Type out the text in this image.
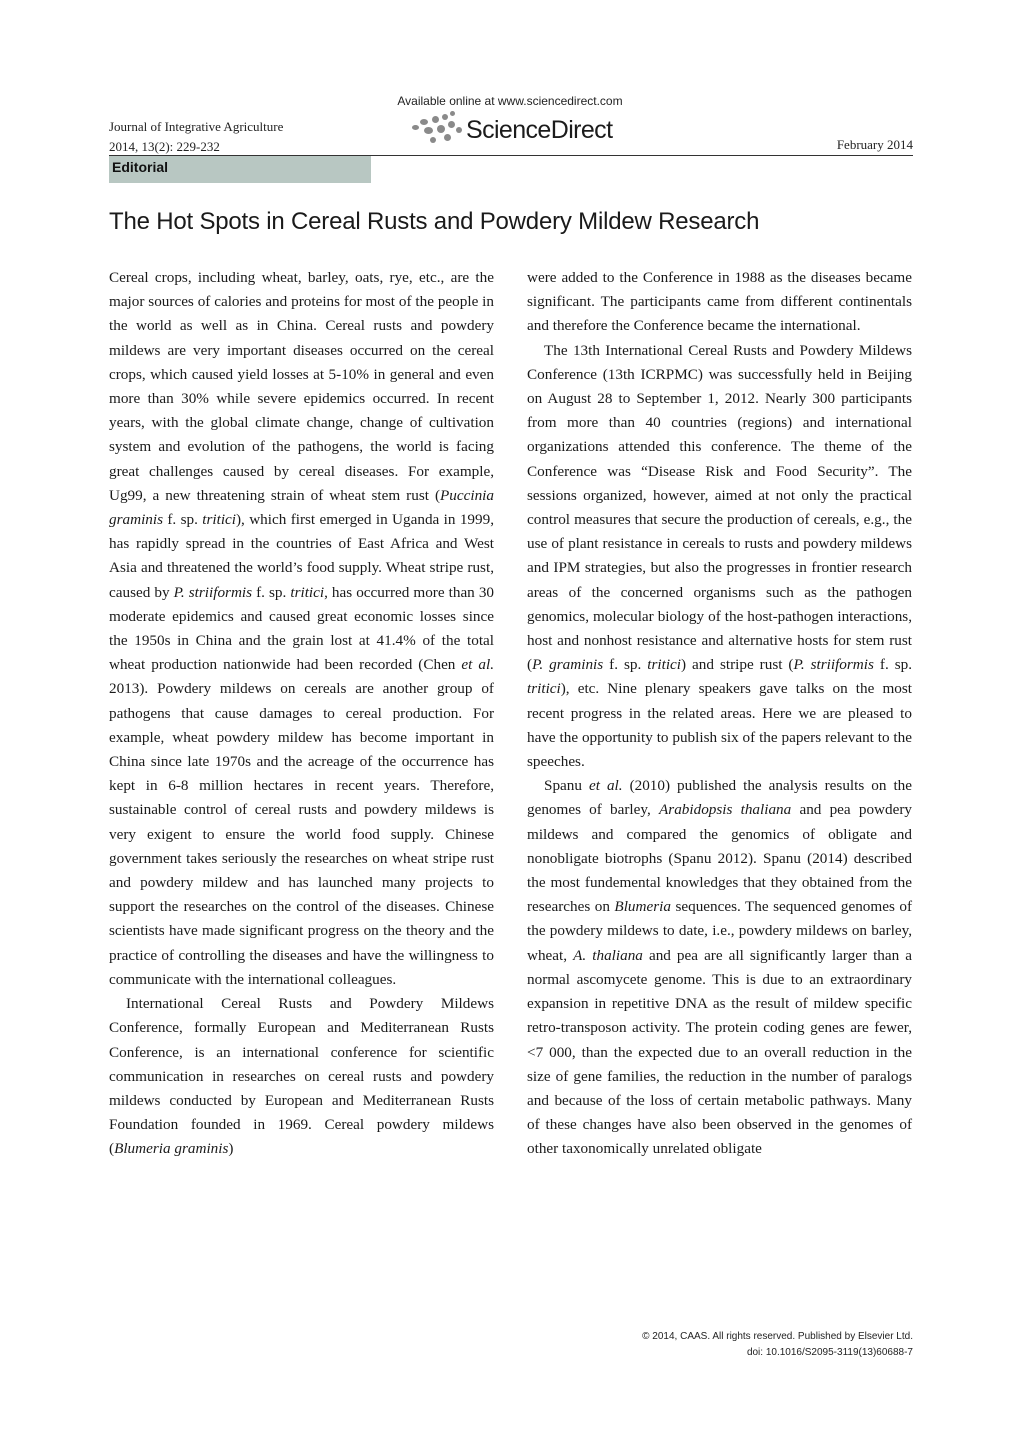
Available online at www.sciencedirect.com
Journal of Integrative Agriculture
2014, 13(2): 229-232
ScienceDirect
February 2014
Editorial
The Hot Spots in Cereal Rusts and Powdery Mildew Research

Cereal crops, including wheat, barley, oats, rye, etc., are the major sources of calories and proteins for most of the people in the world as well as in China. Cereal rusts and powdery mildews are very important diseases occurred on the cereal crops, which caused yield losses at 5-10% in general and even more than 30% while severe epidemics occurred. In recent years, with the global climate change, change of cultivation system and evolution of the pathogens, the world is facing great challenges caused by cereal diseases. For example, Ug99, a new threatening strain of wheat stem rust (Puccinia graminis f. sp. tritici), which first emerged in Uganda in 1999, has rapidly spread in the countries of East Africa and West Asia and threatened the world’s food supply. Wheat stripe rust, caused by P. striiformis f. sp. tritici, has occurred more than 30 moderate epidemics and caused great economic losses since the 1950s in China and the grain lost at 41.4% of the total wheat production nationwide had been recorded (Chen et al. 2013). Powdery mildews on cereals are another group of pathogens that cause damages to cereal production. For example, wheat powdery mildew has become important in China since late 1970s and the acreage of the occurrence has kept in 6-8 million hectares in recent years. Therefore, sustainable control of cereal rusts and powdery mildews is very exigent to ensure the world food supply. Chinese government takes seriously the researches on wheat stripe rust and powdery mildew and has launched many projects to support the researches on the control of the diseases. Chinese scientists have made significant progress on the theory and the practice of controlling the diseases and have the willingness to communicate with the international colleagues.

International Cereal Rusts and Powdery Mildews Conference, formally European and Mediterranean Rusts Conference, is an international conference for scientific communication in researches on cereal rusts and powdery mildews conducted by European and Mediterranean Rusts Foundation founded in 1969. Cereal powdery mildews (Blumeria graminis)

were added to the Conference in 1988 as the diseases became significant. The participants came from different continentals and therefore the Conference became the international.

The 13th International Cereal Rusts and Powdery Mildews Conference (13th ICRPMC) was successfully held in Beijing on August 28 to September 1, 2012. Nearly 300 participants from more than 40 countries (regions) and international organizations attended this conference. The theme of the Conference was “Disease Risk and Food Security”. The sessions organized, however, aimed at not only the practical control measures that secure the production of cereals, e.g., the use of plant resistance in cereals to rusts and powdery mildews and IPM strategies, but also the progresses in frontier research areas of the concerned organisms such as the pathogen genomics, molecular biology of the host-pathogen interactions, host and nonhost resistance and alternative hosts for stem rust (P. graminis f. sp. tritici) and stripe rust (P. striiformis f. sp. tritici), etc. Nine plenary speakers gave talks on the most recent progress in the related areas. Here we are pleased to have the opportunity to publish six of the papers relevant to the speeches.

Spanu et al. (2010) published the analysis results on the genomes of barley, Arabidopsis thaliana and pea powdery mildews and compared the genomics of obligate and nonobligate biotrophs (Spanu 2012). Spanu (2014) described the most fundemental knowledges that they obtained from the researches on Blumeria sequences. The sequenced genomes of the powdery mildews to date, i.e., powdery mildews on barley, wheat, A. thaliana and pea are all significantly larger than a normal ascomycete genome. This is due to an extraordinary expansion in repetitive DNA as the result of mildew specific retro-transposon activity. The protein coding genes are fewer, <7 000, than the expected due to an overall reduction in the size of gene families, the reduction in the number of paralogs and because of the loss of certain metabolic pathways. Many of these changes have also been observed in the genomes of other taxonomically unrelated obligate

© 2014, CAAS. All rights reserved. Published by Elsevier Ltd.
doi: 10.1016/S2095-3119(13)60688-7
